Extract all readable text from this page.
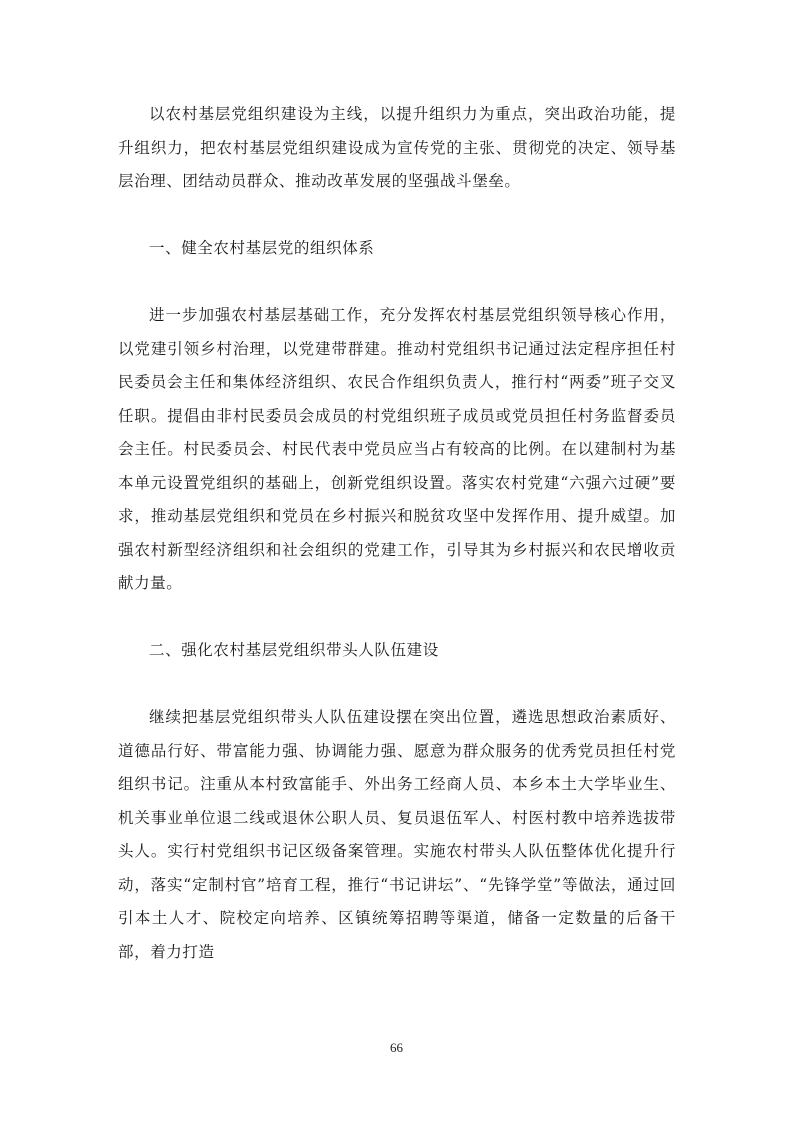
以农村基层党组织建设为主线，以提升组织力为重点，突出政治功能，提升组织力，把农村基层党组织建设成为宣传党的主张、贯彻党的决定、领导基层治理、团结动员群众、推动改革发展的坚强战斗堡垒。

一、健全农村基层党的组织体系

进一步加强农村基层基础工作，充分发挥农村基层党组织领导核心作用，以党建引领乡村治理，以党建带群建。推动村党组织书记通过法定程序担任村民委员会主任和集体经济组织、农民合作组织负责人，推行村“两委”班子交叉任职。提倡由非村民委员会成员的村党组织班子成员或党员担任村务监督委员会主任。村民委员会、村民代表中党员应当占有较高的比例。在以建制村为基本单元设置党组织的基础上，创新党组织设置。落实农村党建“六强六过硬”要求，推动基层党组织和党员在乡村振兴和脱贫攻坚中发挥作用、提升威望。加强农村新型经济组织和社会组织的党建工作，引导其为乡村振兴和农民增收贡献力量。

二、强化农村基层党组织带头人队伍建设

继续把基层党组织带头人队伍建设摆在突出位置，遴选思想政治素质好、道德品行好、带富能力强、协调能力强、愿意为群众服务的优秀党员担任村党组织书记。注重从本村致富能手、外出务工经商人员、本乡本土大学毕业生、机关事业单位退二线或退休公职人员、复员退伍军人、村医村教中培养选拔带头人。实行村党组织书记区级备案管理。实施农村带头人队伍整体优化提升行动，落实“定制村官”培育工程，推行“书记讲坛”、“先锋学堂”等做法，通过回引本土人才、院校定向培养、区镇统筹招聘等渠道，储备一定数量的后备干部，着力打造

66
